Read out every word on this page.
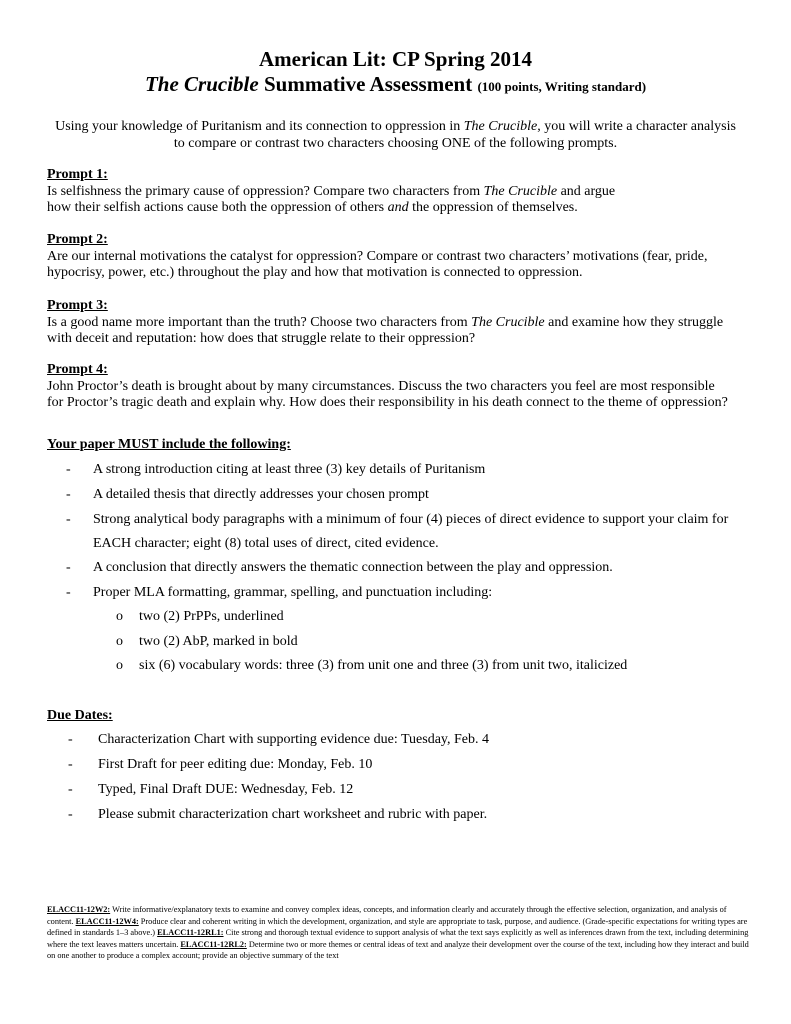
American Lit: CP Spring 2014
The Crucible Summative Assessment (100 points, Writing standard)
Using your knowledge of Puritanism and its connection to oppression in The Crucible, you will write a character analysis
to compare or contrast two characters choosing ONE of the following prompts.
Prompt 1:
Is selfishness the primary cause of oppression? Compare two characters from The Crucible and argue
how their selfish actions cause both the oppression of others and the oppression of themselves.
Prompt 2:
Are our internal motivations the catalyst for oppression? Compare or contrast two characters’ motivations (fear, pride,
hypocrisy, power, etc.) throughout the play and how that motivation is connected to oppression.
Prompt 3:
Is a good name more important than the truth? Choose two characters from The Crucible and examine how they struggle
with deceit and reputation: how does that struggle relate to their oppression?
Prompt 4:
John Proctor’s death is brought about by many circumstances. Discuss the two characters you feel are most responsible
for Proctor’s tragic death and explain why. How does their responsibility in his death connect to the theme of oppression?
Your paper MUST include the following:
- A strong introduction citing at least three (3) key details of Puritanism
- A detailed thesis that directly addresses your chosen prompt
- Strong analytical body paragraphs with a minimum of four (4) pieces of direct evidence to support your claim for
EACH character; eight (8) total uses of direct, cited evidence.
- A conclusion that directly answers the thematic connection between the play and oppression.
- Proper MLA formatting, grammar, spelling, and punctuation including:
o two (2) PrPPs, underlined
o two (2) AbP, marked in bold
o six (6) vocabulary words: three (3) from unit one and three (3) from unit two, italicized
Due Dates:
- Characterization Chart with supporting evidence due: Tuesday, Feb. 4
- First Draft for peer editing due: Monday, Feb. 10
- Typed, Final Draft DUE: Wednesday, Feb. 12
- Please submit characterization chart worksheet and rubric with paper.
ELACC11-12W2: Write informative/explanatory texts to examine and convey complex ideas, concepts, and information clearly and accurately through the effective selection, organization, and analysis of content. ELACC11-12W4: Produce clear and coherent writing in which the development, organization, and style are appropriate to task, purpose, and audience. (Grade-specific expectations for writing types are defined in standards 1–3 above.) ELACC11-12RL1: Cite strong and thorough textual evidence to support analysis of what the text says explicitly as well as inferences drawn from the text, including determining where the text leaves matters uncertain. ELACC11-12RL2: Determine two or more themes or central ideas of text and analyze their development over the course of the text, including how they interact and build on one another to produce a complex account; provide an objective summary of the text
